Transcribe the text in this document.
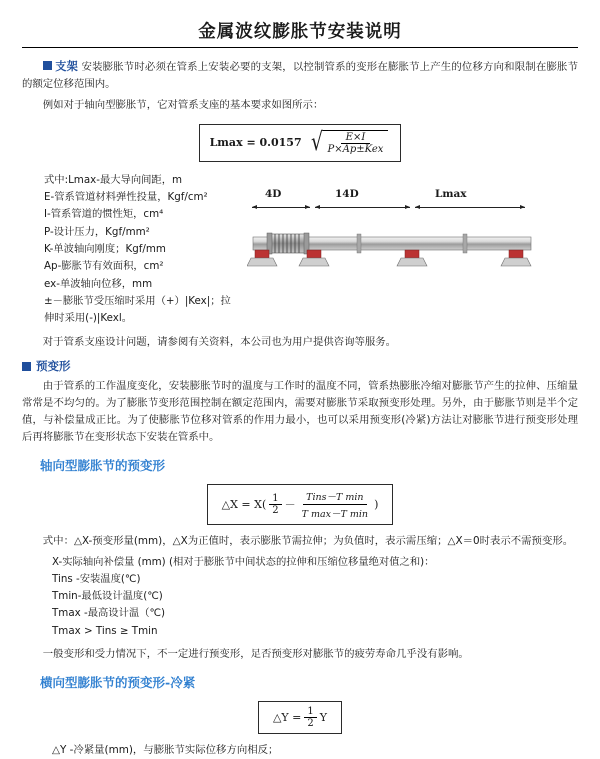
金属波纹膨胀节安装说明

支架 安装膨胀节时必须在管系上安装必要的支架，以控制管系的变形在膨胀节上产生的位移方向和限制在膨胀节的额定位移范围内。

例如对于轴向型膨胀节，它对管系支座的基本要求如图所示：

Lmax = 0.0157 √ $\frac{E\times I}{\text{P×Ap±Kex}}$
式中:Lmax-最大导向间距，m
E-管系管道材料弹性投量，Kgf/cm²
I-管系管道的惯性矩，cm⁴
P-设计压力，Kgf/mm²
K-单波轴向刚度；Kgf/mm
Ap-膨胀节有效面积，cm²
ex-单波轴向位移，mm
±－膨胀节受压缩时采用（+）|Kex|；拉伸时采用(-)|Kexl。
4D	14D	Lmax

对于管系支座设计问题，请参阅有关资料，本公司也为用户提供咨询等服务。

预变形

由于管系的工作温度变化，安装膨胀节时的温度与工作时的温度不同，管系热膨胀冷缩对膨胀节产生的拉伸、压缩量常常是不均匀的。为了膨胀节变形范围控制在额定范围内，需要对膨胀节采取预变形处理。另外，由于膨胀节则是半个定值，与补偿量成正比。为了使膨胀节位移对管系的作用力最小，也可以采用预变形(冷紧)方法让对膨胀节进行预变形处理后再将膨胀节在变形状态下安装在管系中。

轴向型膨胀节的预变形
△X = $X( \frac{1}{2} - \frac{\text{Tins－T min}}{\text{T max－T min}}$ )

式中：△X-预变形量(mm)，△X为正值时，表示膨胀节需拉伸；为负值时，表示需压缩；△X＝0时表示不需预变形。

X-实际轴向补偿量 (mm) (相对于膨胀节中间状态的拉伸和压缩位移量绝对值之和)：
Tins -安装温度(℃)
Tmin-最低设计温度(℃)
Tmax -最高设计温（℃)
Tmax > Tins ≥ Tmin

一般变形和受力情况下，不一定进行预变形，足否预变形对膨胀节的疲劳寿命几乎没有影响。

横向型膨胀节的预变形-冷紧
△Y = $\frac{1}{2}$ Y

△Y -冷紧量(mm)，与膨胀节实际位移方向相反；
